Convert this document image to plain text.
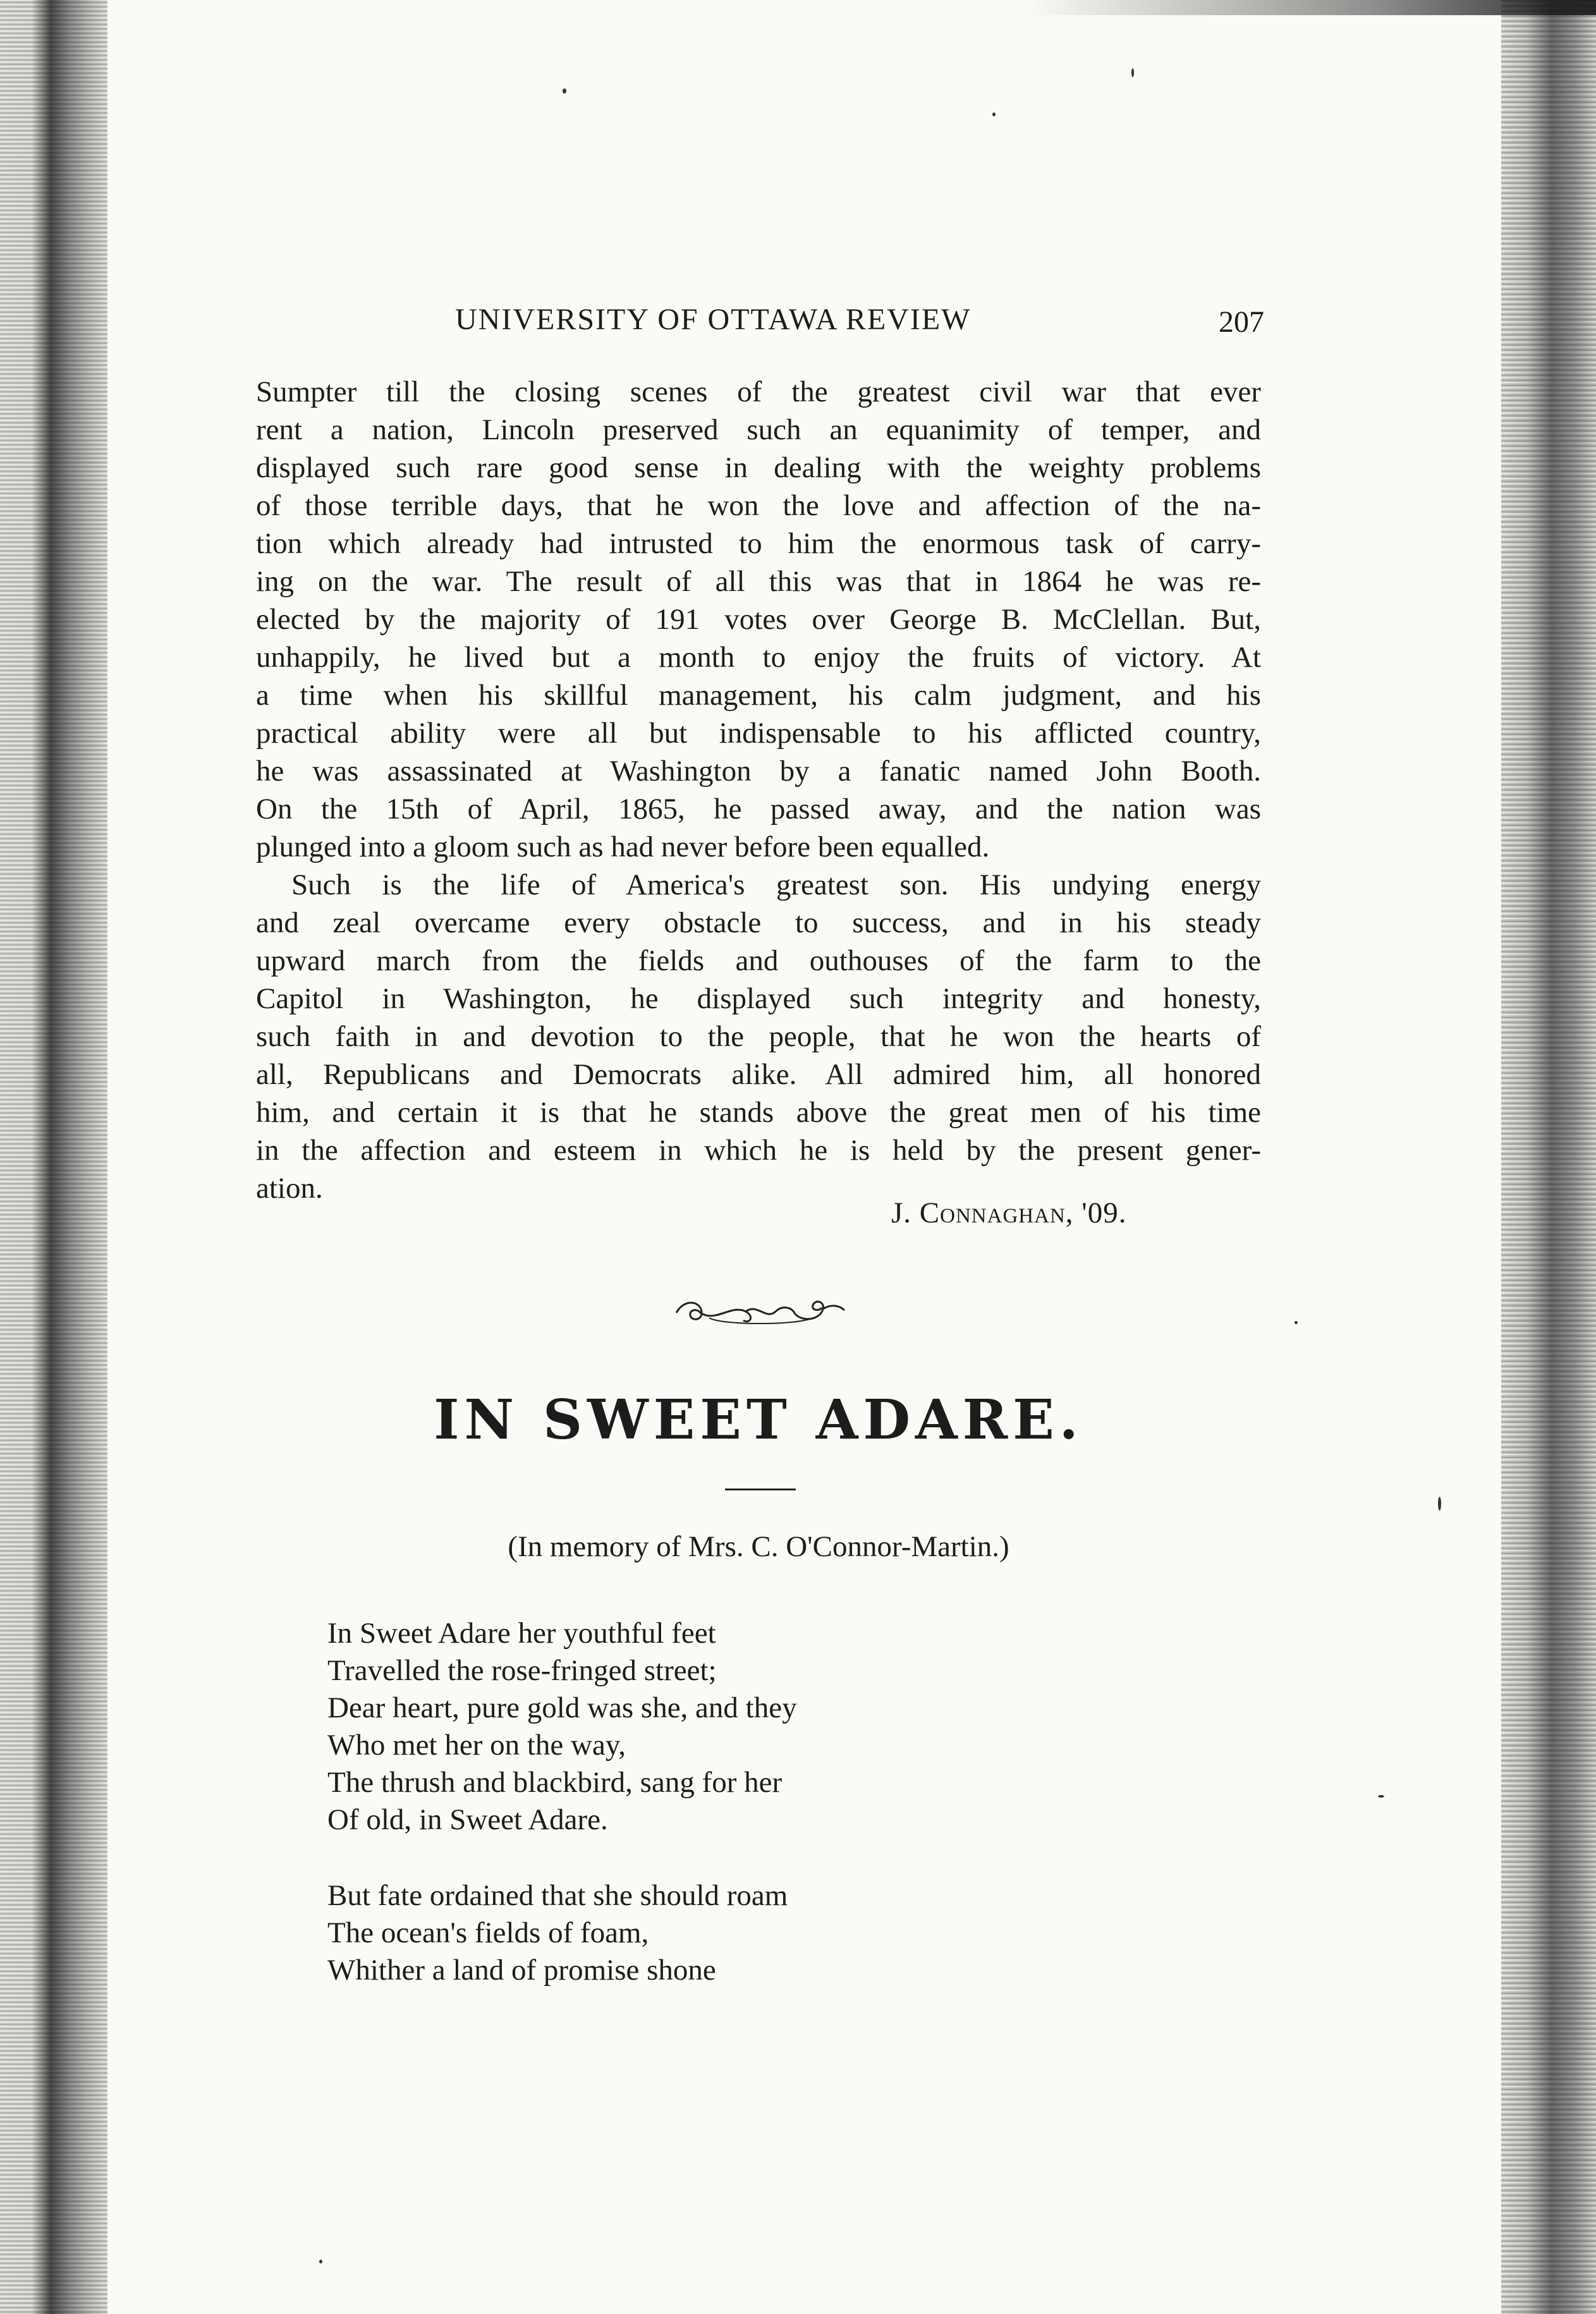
UNIVERSITY OF OTTAWA REVIEW	207
Sumpter till the closing scenes of the greatest civil war that ever
rent a nation, Lincoln preserved such an equanimity of temper, and
displayed such rare good sense in dealing with the weighty problems
of those terrible days, that he won the love and affection of the na-
tion which already had intrusted to him the enormous task of carry-
ing on the war. The result of all this was that in 1864 he was re-
elected by the majority of 191 votes over George B. McClellan. But,
unhappily, he lived but a month to enjoy the fruits of victory. At
a time when his skillful management, his calm judgment, and his
practical ability were all but indispensable to his afflicted country,
he was assassinated at Washington by a fanatic named John Booth.
On the 15th of April, 1865, he passed away, and the nation was
plunged into a gloom such as had never before been equalled.
Such is the life of America's greatest son. His undying energy
and zeal overcame every obstacle to success, and in his steady
upward march from the fields and outhouses of the farm to the
Capitol in Washington, he displayed such integrity and honesty,
such faith in and devotion to the people, that he won the hearts of
all, Republicans and Democrats alike. All admired him, all honored
him, and certain it is that he stands above the great men of his time
in the affection and esteem in which he is held by the present gener-
ation.
J. Connaghan, '09.
IN SWEET ADARE.
(In memory of Mrs. C. O'Connor-Martin.)
In Sweet Adare her youthful feet
Travelled the rose-fringed street;
Dear heart, pure gold was she, and they
Who met her on the way,
The thrush and blackbird, sang for her
Of old, in Sweet Adare.
But fate ordained that she should roam
The ocean's fields of foam,
Whither a land of promise shone
